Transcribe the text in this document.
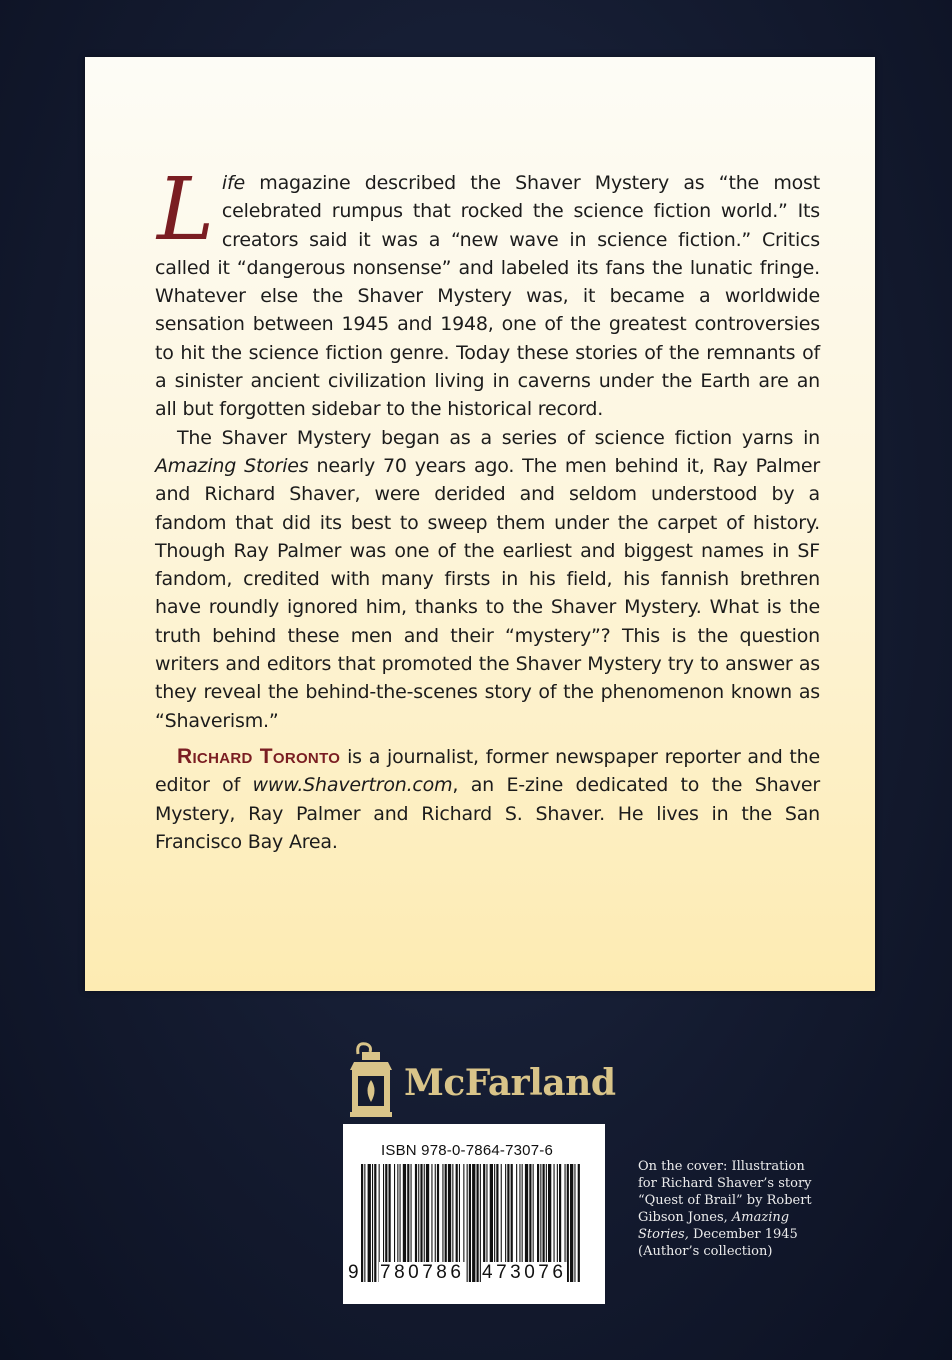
Life magazine described the Shaver Mystery as “the most celebrated rumpus that rocked the science fiction world.” Its creators said it was a “new wave in science fiction.” Critics called it “dangerous nonsense” and labeled its fans the lunatic fringe. Whatever else the Shaver Mystery was, it became a worldwide sensation between 1945 and 1948, one of the greatest controversies to hit the science fiction genre. Today these stories of the remnants of a sinister ancient civilization living in caverns under the Earth are an all but forgotten sidebar to the historical record.

The Shaver Mystery began as a series of science fiction yarns in Amazing Stories nearly 70 years ago. The men behind it, Ray Palmer and Richard Shaver, were derided and seldom understood by a fandom that did its best to sweep them under the carpet of history. Though Ray Palmer was one of the earliest and biggest names in SF fandom, credited with many firsts in his field, his fannish brethren have roundly ignored him, thanks to the Shaver Mystery. What is the truth behind these men and their “mystery”? This is the question writers and editors that promoted the Shaver Mystery try to answer as they reveal the behind-the-scenes story of the phenomenon known as “Shaverism.”

Richard Toronto is a journalist, former newspaper reporter and the editor of www.Shavertron.com, an E-zine dedicated to the Shaver Mystery, Ray Palmer and Richard S. Shaver. He lives in the San Francisco Bay Area.

McFarland
ISBN 978-0-7864-7307-6
9 780786 473076
On the cover: Illustration for Richard Shaver’s story “Quest of Brail” by Robert Gibson Jones, Amazing Stories, December 1945 (Author’s collection)
